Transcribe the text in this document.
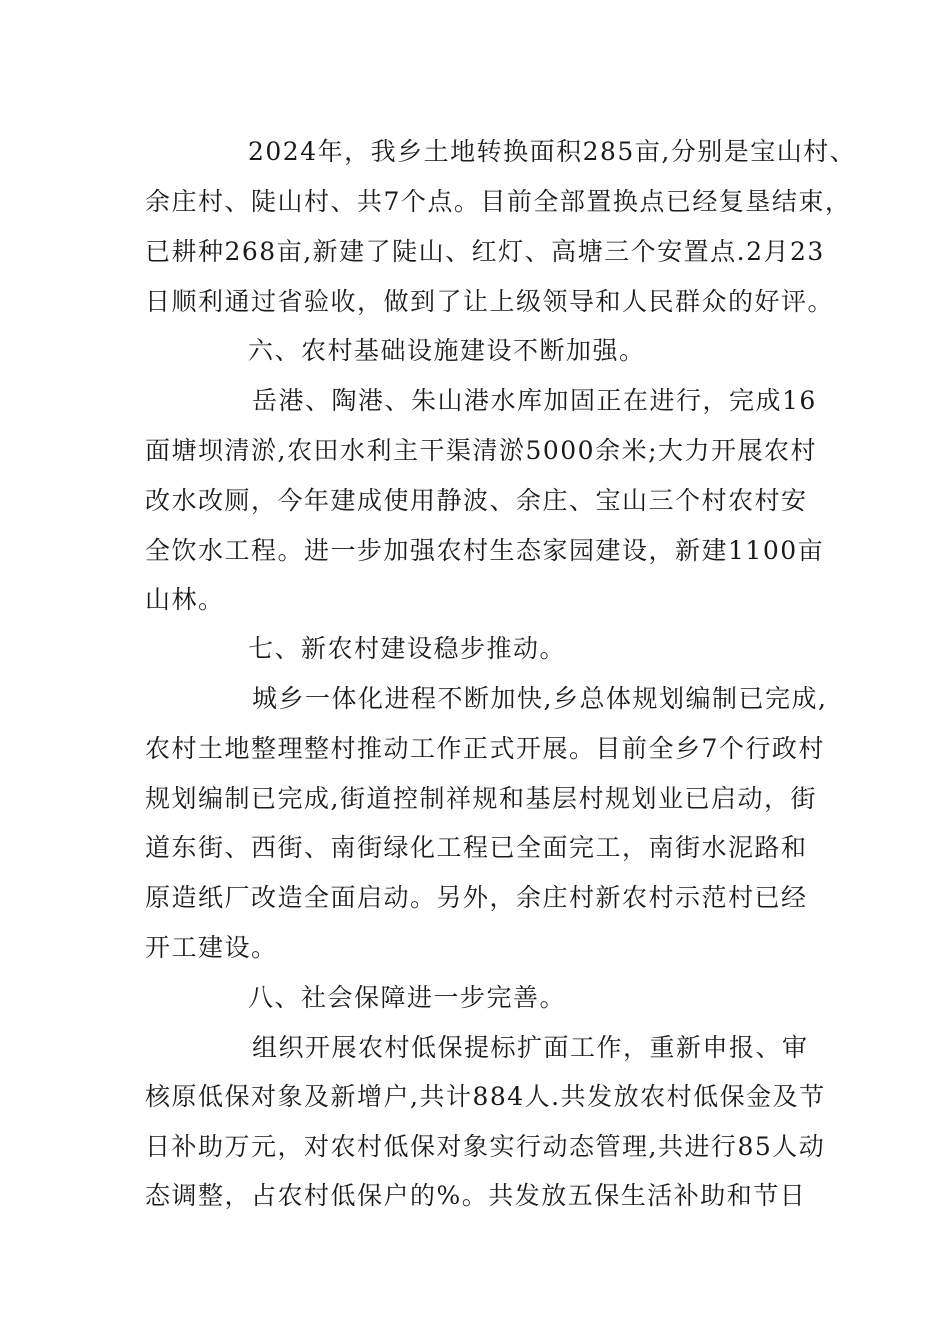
2024年，我乡土地转换面积285亩,分别是宝山村、
余庄村、陡山村、共7个点。目前全部置换点已经复垦结束，
已耕种268亩,新建了陡山、红灯、高塘三个安置点.2月23
日顺利通过省验收，做到了让上级领导和人民群众的好评。
六、农村基础设施建设不断加强。
岳港、陶港、朱山港水库加固正在进行，完成16
面塘坝清淤,农田水利主干渠清淤5000余米;大力开展农村
改水改厕，今年建成使用静波、余庄、宝山三个村农村安
全饮水工程。进一步加强农村生态家园建设，新建1100亩
山林。
七、新农村建设稳步推动。
城乡一体化进程不断加快,乡总体规划编制已完成,
农村土地整理整村推动工作正式开展。目前全乡7个行政村
规划编制已完成,街道控制祥规和基层村规划业已启动，街
道东街、西街、南街绿化工程已全面完工，南街水泥路和
原造纸厂改造全面启动。另外，余庄村新农村示范村已经
开工建设。
八、社会保障进一步完善。
组织开展农村低保提标扩面工作，重新申报、审
核原低保对象及新增户,共计884人.共发放农村低保金及节
日补助万元，对农村低保对象实行动态管理,共进行85人动
态调整，占农村低保户的%。共发放五保生活补助和节日
